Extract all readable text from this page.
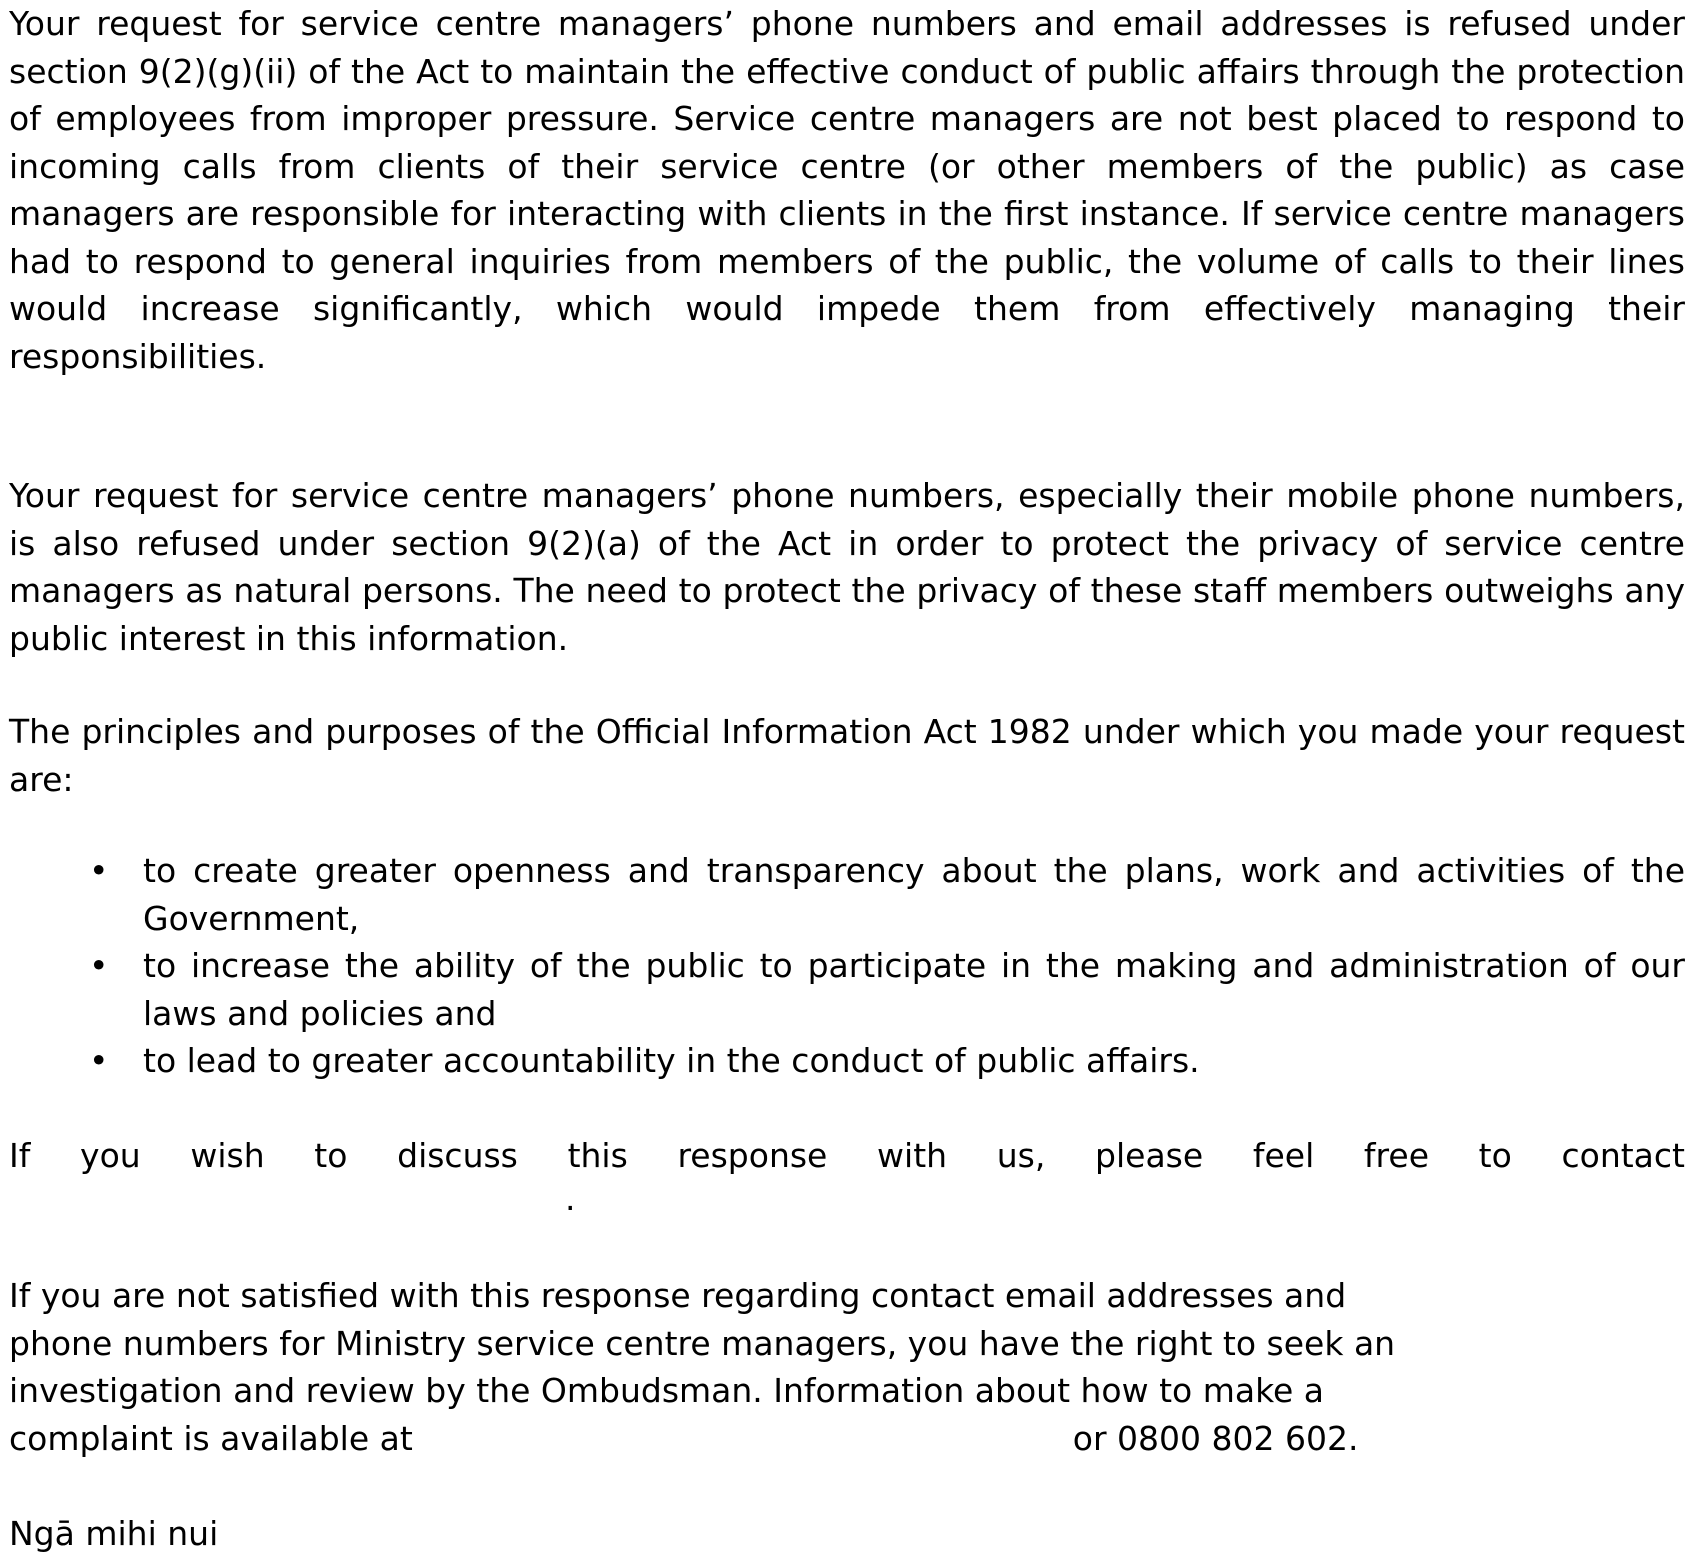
Your request for service centre managers’ phone numbers and email addresses is refused under section 9(2)(g)(ii) of the Act to maintain the effective conduct of public affairs through the protection of employees from improper pressure. Service centre managers are not best placed to respond to incoming calls from clients of their service centre (or other members of the public) as case managers are responsible for interacting with clients in the first instance. If service centre managers had to respond to general inquiries from members of the public, the volume of calls to their lines would increase significantly, which would impede them from effectively managing their responsibilities.

Your request for service centre managers’ phone numbers, especially their mobile phone numbers, is also refused under section 9(2)(a) of the Act in order to protect the privacy of service centre managers as natural persons. The need to protect the privacy of these staff members outweighs any public interest in this information.

The principles and purposes of the Official Information Act 1982 under which you made your request are:

• to create greater openness and transparency about the plans, work and activities of the Government,
• to increase the ability of the public to participate in the making and administration of our laws and policies and
• to lead to greater accountability in the conduct of public affairs.

If you wish to discuss this response with us, please feel free to contact

.
If you are not satisfied with this response regarding contact email addresses and
phone numbers for Ministry service centre managers, you have the right to seek an
investigation and review by the Ombudsman. Information about how to make a
complaint is available at	or 0800 802 602.
Ngā mihi nui
